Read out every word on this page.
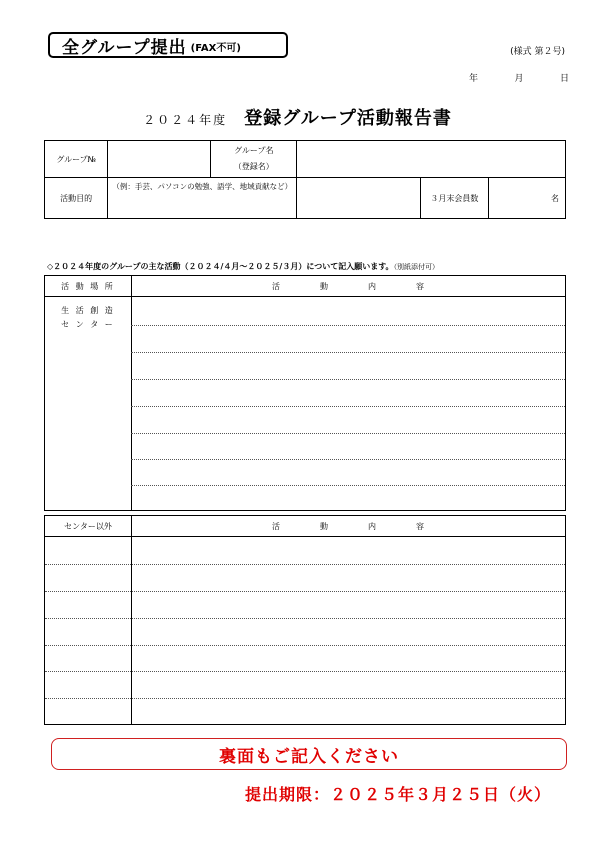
全グループ提出 (FAX不可)	(様式 第２号)
年	月	日
２０２４年度 登録グループ活動報告書
グループ№		グループ名
（登録名）			

活動目的	（例：手芸、パソコンの勉強、語学、地域貢献など）			３月末会員数	名
◇２０２４年度のグループの主な活動（２０２４/４月～２０２５/３月）について記入願います。（別紙添付可）
活 動 場 所	活	動	内	容
生 活 創 造
セ ン タ ー
センター以外	活	動	内	容
裏面もご記入ください
提出期限：２０２５年３月２５日（火）
